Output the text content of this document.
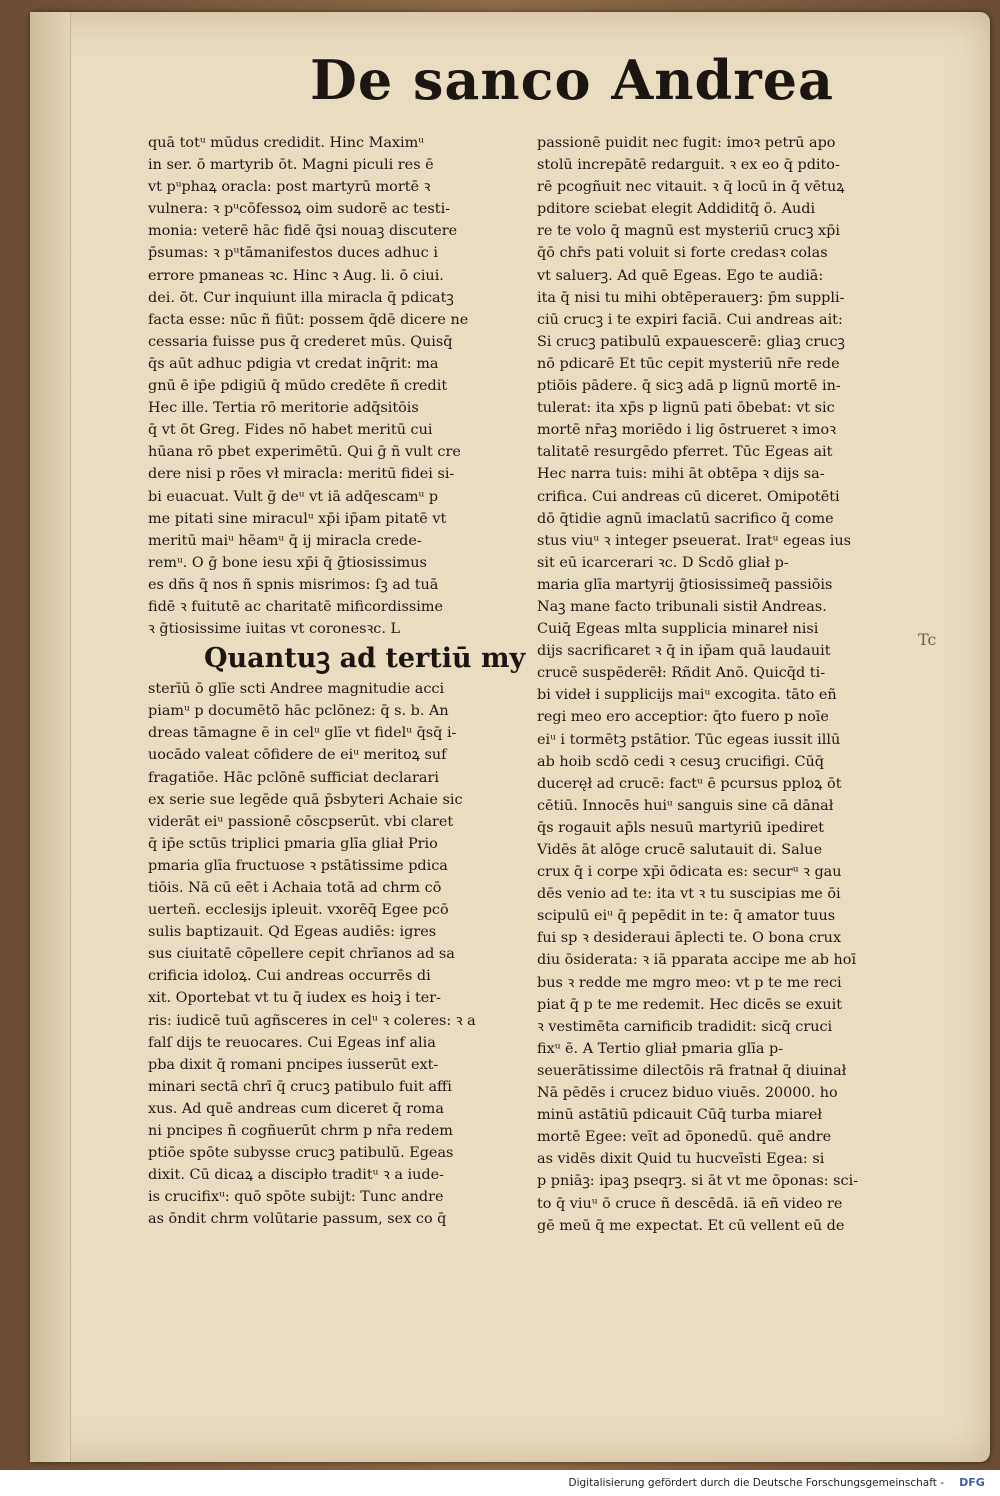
De sanco Andrea
quā totᵘ mūdus credidit. Hinc Maximᵘ
in ser. ō martyrib ōt. Magni piculi res ē
vt pᵘphaꝝ oracla: post martyrū mortē ꝛ
vulnera: ꝛ pᵘcōfessoꝝ oim sudorē ac testi-
monia: veterē hāc fidē q̄si nouaꝫ discutere
p̄sumas: ꝛ pᵘtāmanifestos duces adhuc i
errore pmaneas ꝛc. Hinc ꝛ Aug. li. ō ciui.
dei. ōt. Cur inquiunt illa miracla q̄ pdicatꝫ
facta esse: nūc ñ fiūt: possem q̄dē dicere ne
cessaria fuisse pus q̄ crederet mūs. Quisq̄
q̄s aūt adhuc pdigia vt credat inq̄rit: ma
gnū ē ip̄e pdigiū q̄ mūdo credēte ñ credit
Hec ille. Tertia rō meritorie adq̄sitōis
q̄ vt ōt Greg. Fides nō habet meritū cui
hūana rō pbet experimētū. Qui ḡ ñ vult cre
dere nisi p rōes vł miracla: meritū fidei si-
bi euacuat. Vult ḡ deᵘ vt iā adq̄escamᵘ p
me pitati sine miraculᵘ xp̄i ip̄am pitatē vt
meritū maiᵘ hēamᵘ q̄ ij miracla crede-
remᵘ. O ḡ bone iesu xp̄i q̄ ḡtiosissimus
es dñs q̄ nos ñ spnis misrimos: ſꝫ ad tuā
fidē ꝛ fuitutē ac charitatē mificordissime
ꝛ ḡtiosissime iuitas vt coronesꝛc. L
Quantuꝫ ad tertiū my
sterīū ō glīe scti Andree magnitudie acci
piamᵘ p documētō hāc pclōnez: q̄ s. b. An
dreas tāmagne ē in celᵘ glīe vt fidelᵘ q̄sq̄ i-
uocādo valeat cōfidere de eiᵘ meritoꝝ suf
fragatiōe. Hāc pclōnē sufficiat declarari
ex serie sue legēde quā p̄sbyteri Achaie sic
viderāt eiᵘ passionē cōscpserūt. vbi claret
q̄ ip̄e sctūs triplici pmaria glīa gliał Prio
pmaria glīa fructuose ꝛ pstātissime pdica
tiōis. Nā cū eēt i Achaia totā ad chrm cō
uerteñ. ecclesijs ipleuit. vxorēq̄ Egee pcō
sulis baptizauit. Qd Egeas audiēs: igres
sus ciuitatē cōpellere cepit chrīanos ad sa
crificia idoloꝝ. Cui andreas occurrēs di
xit. Oportebat vt tu q̄ iudex es hoiꝫ i ter-
ris: iudicē tuū agñsceres in celᵘ ꝛ coleres: ꝛ a
falſ dijs te reuocares. Cui Egeas inf alia
pba dixit q̄ romani pncipes iusserūt ext-
minari sectā chrī q̄ crucꝫ patibulo fuit affi
xus. Ad quē andreas cum diceret q̄ roma
ni pncipes ñ cogñuerūt chrm p nr̄a redem
ptiōe spōte subysse crucꝫ patibulū. Egeas
dixit. Cū dicaꝝ a discipło traditᵘ ꝛ a iude-
is crucifixᵘ: quō spōte subijt: Tunc andre
as ōndit chrm volūtarie passum, sex co q̄
passionē puidit nec fugit: imoꝛ petrū apo
stolū increpātē redarguit. ꝛ ex eo q̄ pdito-
rē pcogñuit nec vitauit. ꝛ q̄ locū in q̄ vētuꝝ
pditore sciebat elegit Addiditq̄ ō. Audi
re te volo q̄ magnū est mysteriū crucꝫ xp̄i
q̄ō chr̄s pati voluit si forte credasꝛ colas
vt saluerꝫ. Ad quē Egeas. Ego te audiā:
ita q̄ nisi tu mihi obtēperauerꝫ: p̄m suppli-
ciū crucꝫ i te expiri faciā. Cui andreas ait:
Si crucꝫ patibulū expauescerē: gliaꝫ crucꝫ
nō pdicarē Et tūc cepit mysteriū nr̄e rede
ptiōis pādere. q̄ sicꝫ adā p lignū mortē in-
tulerat: ita xp̄s p lignū pati ōbebat: vt sic
mortē nr̄aꝫ moriēdo i lig ōstrueret ꝛ imoꝛ
talitatē resurgēdo pferret. Tūc Egeas ait
Hec narra tuis: mihi āt obtēpa ꝛ dijs sa-
crifica. Cui andreas cū diceret. Omipotēti
dō q̄tidie agnū imaclatū sacrifico q̄ come
stus viuᵘ ꝛ integer pseuerat. Iratᵘ egeas ius
sit eū icarcerari ꝛc. D Scdō gliał p-
maria glīa martyrij ḡtiosissimeq̄ passiōis
Naꝫ mane facto tribunali sistił Andreas.
Cuiq̄ Egeas mlta supplicia minareł nisi
dijs sacrificaret ꝛ q̄ in ip̄am quā laudauit
crucē suspēderēł: Rñdit Anō. Quicq̄d ti-
bi videł i supplicijs maiᵘ excogita. tāto eñ
regi meo ero acceptior: q̄to fuero p noīe
eiᵘ i tormētꝫ pstātior. Tūc egeas iussit illū
ab hoib scdō cedi ꝛ cesuꝫ crucifigi. Cūq̄
duceręł ad crucē: factᵘ ē pcursus pploꝝ ōt
cētiū. Innocēs huiᵘ sanguis sine cā dānał
q̄s rogauit ap̄ls nesuū martyriū ipediret
Vidēs āt alōge crucē salutauit di. Salue
crux q̄ i corpe xp̄i ōdicata es: securᵘ ꝛ gau
dēs venio ad te: ita vt ꝛ tu suscipias me ōi
scipulū eiᵘ q̄ pepēdit in te: q̄ amator tuus
fui sp ꝛ desideraui āplecti te. O bona crux
diu ōsiderata: ꝛ iā pparata accipe me ab hoī
bus ꝛ redde me mgro meo: vt p te me reci
piat q̄ p te me redemit. Hec dicēs se exuit
ꝛ vestimēta carnificib tradidit: sicq̄ cruci
fixᵘ ē. A Tertio gliał pmaria glīa p-
seuerātissime dilectōis rā fratnał q̄ diuinał
Nā pēdēs i crucez biduo viuēs. 20000. ho
minū astātiū pdicauit Cūq̄ turba miareł
mortē Egee: veīt ad ōponedū. quē andre
as vidēs dixit Quid tu hucveīsti Egea: si
p pniāꝫ: ipaꝫ pseqrꝫ. si āt vt me ōponas: sci-
to q̄ viuᵘ ō cruce ñ descēdā. iā eñ video re
gē meū q̄ me expectat. Et cū vellent eū de
Tc
Digitalisierung gefördert durch die Deutsche Forschungsgemeinschaft -	DFG
